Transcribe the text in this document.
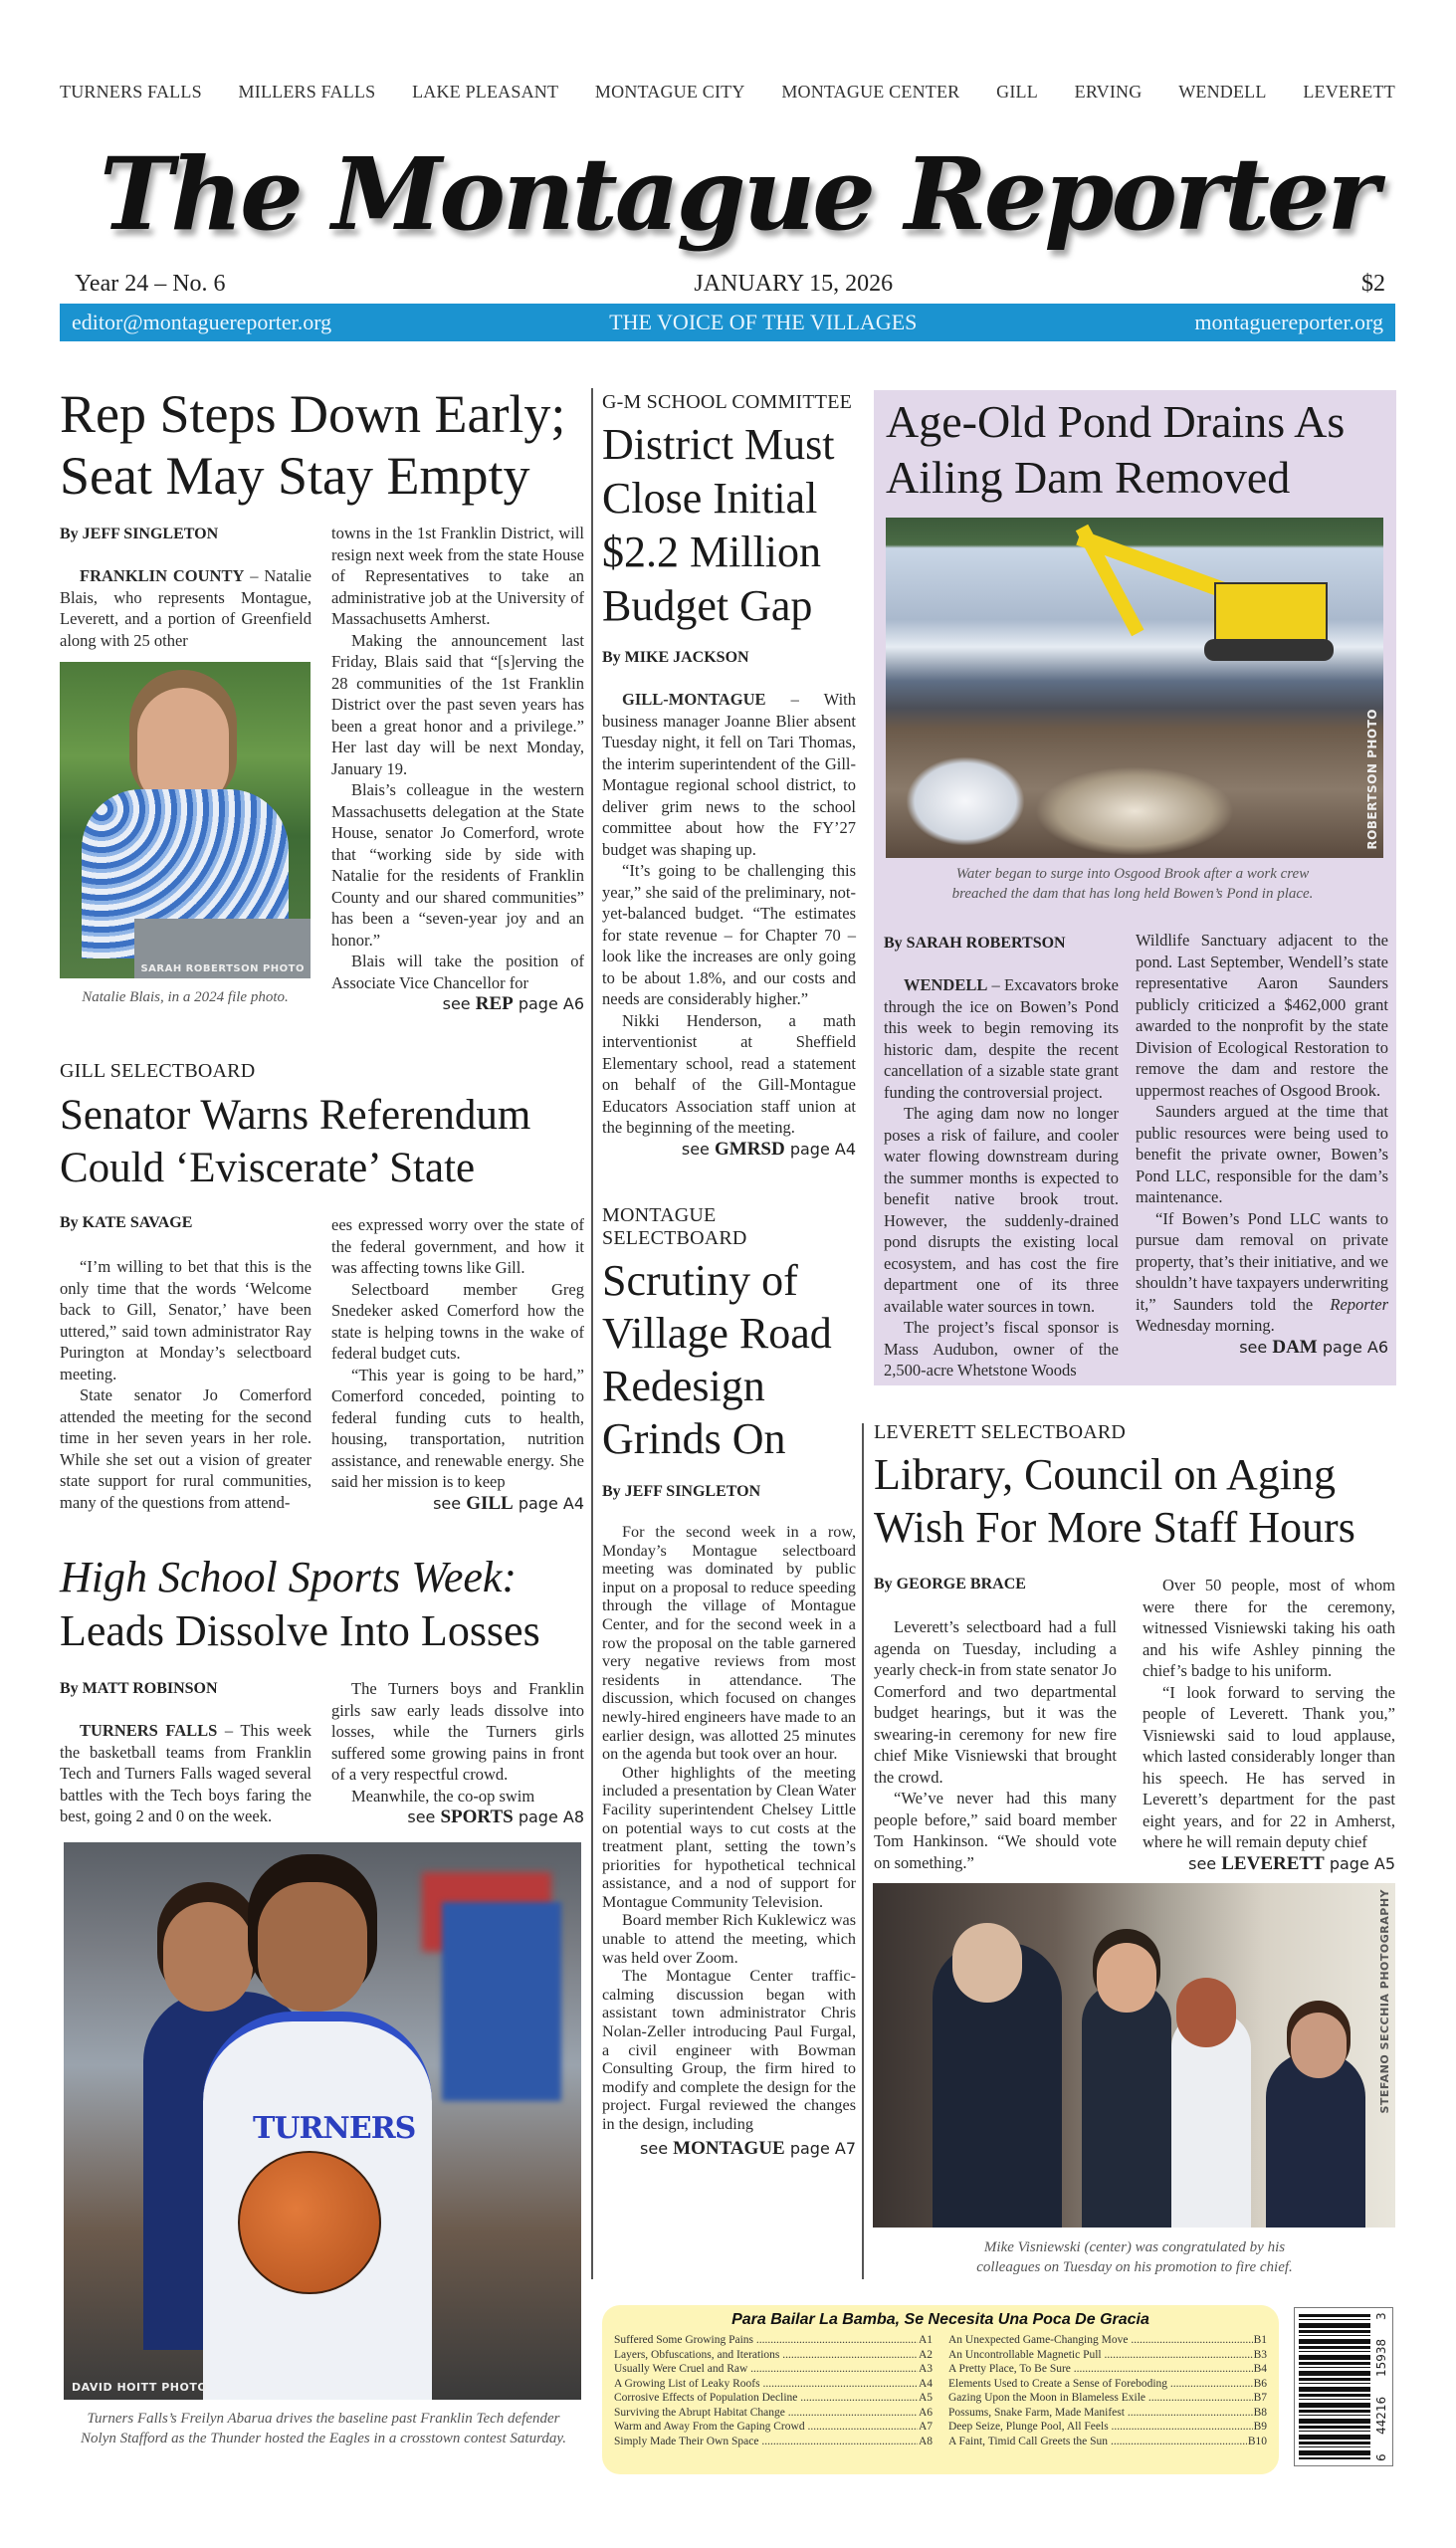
TURNERS FALLS MILLERS FALLS LAKE PLEASANT MONTAGUE CITY MONTAGUE CENTER GILL ERVING WENDELL LEVERETT
The Montague Reporter
Year 24 – No. 6	JANUARY 15, 2026	$2
editor@montaguereporter.org	THE VOICE OF THE VILLAGES	montaguereporter.org
Rep Steps Down Early; Seat May Stay Empty
By JEFF SINGLETON

FRANKLIN COUNTY – Natalie Blais, who represents Montague, Leverett, and a portion of Greenfield along with 25 other

SARAH ROBERTSON PHOTO
Natalie Blais, in a 2024 file photo.

towns in the 1st Franklin District, will resign next week from the state House of Representatives to take an administrative job at the University of Massachusetts Amherst.

Making the announcement last Friday, Blais said that “[s]erving the 28 communities of the 1st Franklin District over the past seven years has been a great honor and a privilege.” Her last day will be next Monday, January 19.

Blais’s colleague in the western Massachusetts delegation at the State House, senator Jo Comerford, wrote that “working side by side with Natalie for the residents of Franklin County and our shared communities” has been a “seven-year joy and an honor.”

Blais will take the position of Associate Vice Chancellor for

see REP page A6
G-M SCHOOL COMMITTEE
District Must Close Initial $2.2 Million Budget Gap
By MIKE JACKSON

GILL-MONTAGUE – With business manager Joanne Blier absent Tuesday night, it fell on Tari Thomas, the interim superintendent of the Gill-Montague regional school district, to deliver grim news to the school committee about how the FY’27 budget was shaping up.

“It’s going to be challenging this year,” she said of the preliminary, not-yet-balanced budget. “The estimates for state revenue – for Chapter 70 – look like the increases are only going to be about 1.8%, and our costs and needs are considerably higher.”

Nikki Henderson, a math interventionist at Sheffield Elementary school, read a statement on behalf of the Gill-Montague Educators Association staff union at the beginning of the meeting.

see GMRSD page A4
Age-Old Pond Drains As Ailing Dam Removed
ROBERTSON PHOTO
Water began to surge into Osgood Brook after a work crew breached the dam that has long held Bowen’s Pond in place.
By SARAH ROBERTSON

WENDELL – Excavators broke through the ice on Bowen’s Pond this week to begin removing its historic dam, despite the recent cancellation of a sizable state grant funding the controversial project.

The aging dam now no longer poses a risk of failure, and cooler water flowing downstream during the summer months is expected to benefit native brook trout. However, the suddenly-drained pond disrupts the existing local ecosystem, and has cost the fire department one of its three available water sources in town.

The project’s fiscal sponsor is Mass Audubon, owner of the 2,500-acre Whetstone Woods

Wildlife Sanctuary adjacent to the pond. Last September, Wendell’s state representative Aaron Saunders publicly criticized a $462,000 grant awarded to the nonprofit by the state Division of Ecological Restoration to remove the dam and restore the uppermost reaches of Osgood Brook.

Saunders argued at the time that public resources were being used to benefit the private owner, Bowen’s Pond LLC, responsible for the dam’s maintenance.

“If Bowen’s Pond LLC wants to pursue dam removal on private property, that’s their initiative, and we shouldn’t have taxpayers underwriting it,” Saunders told the Reporter Wednesday morning.

see DAM page A6
GILL SELECTBOARD
Senator Warns Referendum Could ‘Eviscerate’ State
By KATE SAVAGE

“I’m willing to bet that this is the only time that the words ‘Welcome back to Gill, Senator,’ have been uttered,” said town administrator Ray Purington at Monday’s selectboard meeting.

State senator Jo Comerford attended the meeting for the second time in her seven years in her role. While she set out a vision of greater state support for rural communities, many of the questions from attend-

ees expressed worry over the state of the federal government, and how it was affecting towns like Gill.

Selectboard member Greg Snedeker asked Comerford how the state is helping towns in the wake of federal budget cuts.

“This year is going to be hard,” Comerford conceded, pointing to federal funding cuts to health, housing, transportation, nutrition assistance, and renewable energy. She said her mission is to keep

see GILL page A4
High School Sports Week:
Leads Dissolve Into Losses
By MATT ROBINSON

TURNERS FALLS – This week the basketball teams from Franklin Tech and Turners Falls waged several battles with the Tech boys faring the best, going 2 and 0 on the week.

The Turners boys and Franklin girls saw early leads dissolve into losses, while the Turners girls suffered some growing pains in front of a very respectful crowd.

Meanwhile, the co-op swim

see SPORTS page A8
TURNERS
DAVID HOITT PHOTO
Turners Falls’s Freilyn Abarua drives the baseline past Franklin Tech defender Nolyn Stafford as the Thunder hosted the Eagles in a crosstown contest Saturday.
MONTAGUE SELECTBOARD
Scrutiny of Village Road Redesign Grinds On
By JEFF SINGLETON

For the second week in a row, Monday’s Montague selectboard meeting was dominated by public input on a proposal to reduce speeding through the village of Montague Center, and for the second week in a row the proposal on the table garnered very negative reviews from most residents in attendance. The discussion, which focused on changes newly-hired engineers have made to an earlier design, was allotted 25 minutes on the agenda but took over an hour.

Other highlights of the meeting included a presentation by Clean Water Facility superintendent Chelsey Little on potential ways to cut costs at the treatment plant, setting the town’s priorities for hypothetical technical assistance, and a nod of support for Montague Community Television.

Board member Rich Kuklewicz was unable to attend the meeting, which was held over Zoom.

The Montague Center traffic-calming discussion began with assistant town administrator Chris Nolan-Zeller introducing Paul Furgal, a civil engineer with Bowman Consulting Group, the firm hired to modify and complete the design for the project. Furgal reviewed the changes in the design, including

see MONTAGUE page A7
LEVERETT SELECTBOARD
Library, Council on Aging Wish For More Staff Hours
By GEORGE BRACE

Leverett’s selectboard had a full agenda on Tuesday, including a yearly check-in from state senator Jo Comerford and two departmental budget hearings, but it was the swearing-in ceremony for new fire chief Mike Visniewski that brought the crowd.

“We’ve never had this many people before,” said board member Tom Hankinson. “We should vote on something.”

Over 50 people, most of whom were there for the ceremony, witnessed Visniewski taking his oath and his wife Ashley pinning the chief’s badge to his uniform.

“I look forward to serving the people of Leverett. Thank you,” Visniewski said to loud applause, which lasted considerably longer than his speech. He has served in Leverett’s department for the past eight years, and for 22 in Amherst, where he will remain deputy chief

see LEVERETT page A5
STEFANO SECCHIA PHOTOGRAPHY
Mike Visniewski (center) was congratulated by his colleagues on Tuesday on his promotion to fire chief.
Para Bailar La Bamba, Se Necesita Una Poca De Gracia
Suffered Some Growing Pains .....	A1
Layers, Obfuscations, and Iterations .....	A2
Usually Were Cruel and Raw .....	A3
A Growing List of Leaky Roofs .....	A4
Corrosive Effects of Population Decline .....	A5
Surviving the Abrupt Habitat Change .....	A6
Warm and Away From the Gaping Crowd .....	A7
Simply Made Their Own Space .....	A8
An Unexpected Game-Changing Move .....	B1
An Uncontrollable Magnetic Pull .....	B3
A Pretty Place, To Be Sure .....	B4
Elements Used to Create a Sense of Foreboding .....	B6
Gazing Upon the Moon in Blameless Exile .....	B7
Possums, Snake Farm, Made Manifest .....	B8
Deep Seize, Plunge Pool, All Feels .....	B9
A Faint, Timid Call Greets the Sun .....	B10
6
44216
15938
3
